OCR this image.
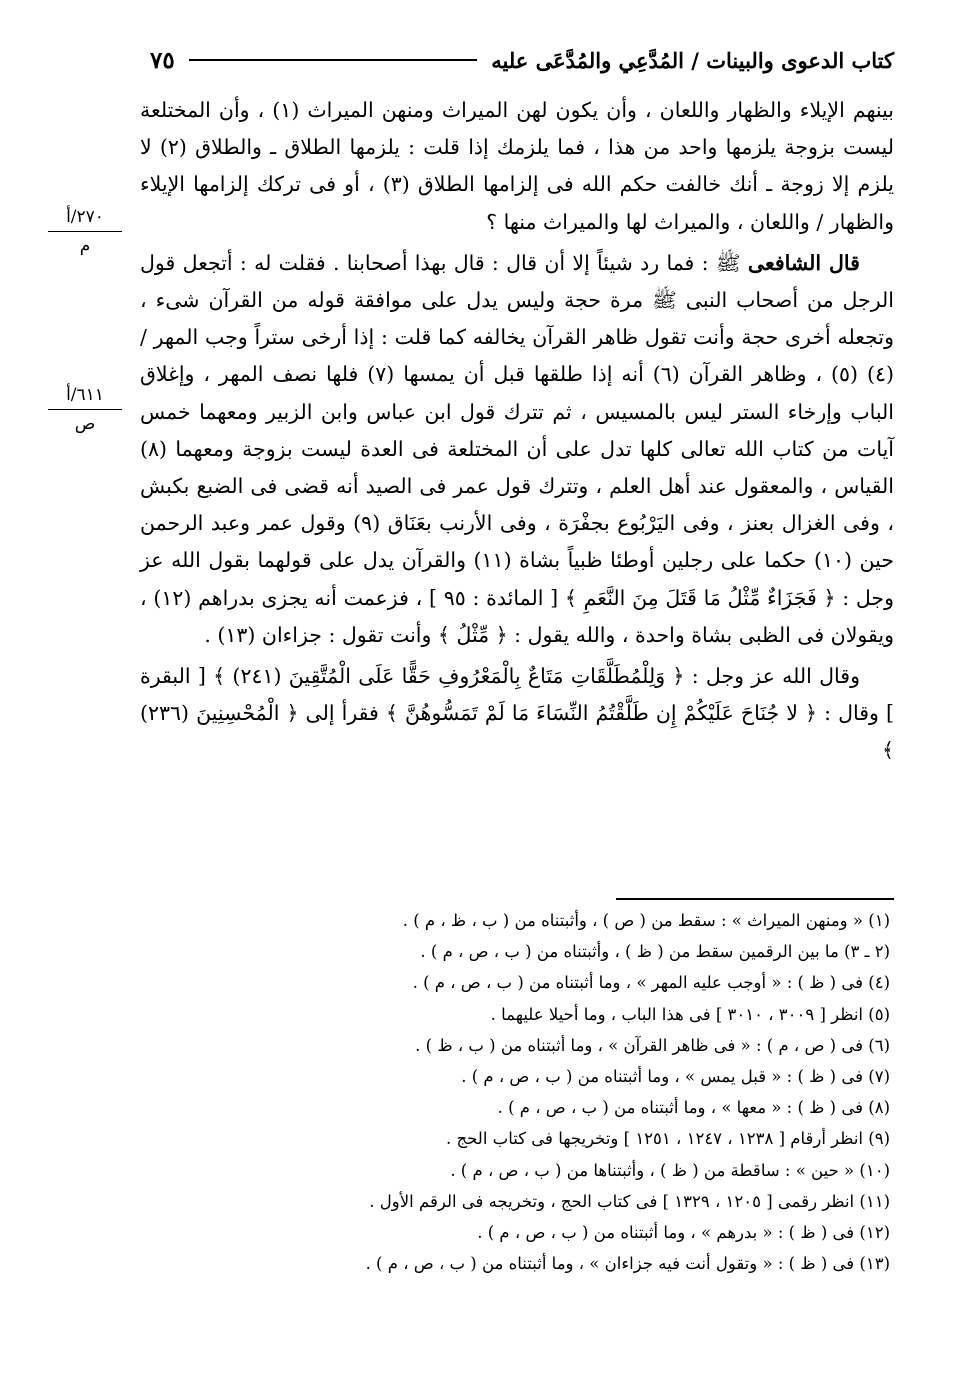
كتاب الدعوى والبينات / المُدَّعِي والمُدَّعَى عليه
٧٥
٢٧٠/أ
م
٦١١/أ
ص

بينهم الإيلاء والظهار واللعان ، وأن يكون لهن الميراث ومنهن الميراث (١) ، وأن المختلعة ليست بزوجة يلزمها واحد من هذا ، فما يلزمك إذا قلت : يلزمها الطلاق ـ والطلاق (٢) لا يلزم إلا زوجة ـ أنك خالفت حكم الله فى إلزامها الطلاق (٣) ، أو فى تركك إلزامها الإيلاء والظهار / واللعان ، والميراث لها والميراث منها ؟

قال الشافعى ﷺ : فما رد شيئاً إلا أن قال : قال بهذا أصحابنا . فقلت له : أتجعل قول الرجل من أصحاب النبى ﷺ مرة حجة وليس يدل على موافقة قوله من القرآن شىء ، وتجعله أخرى حجة وأنت تقول ظاهر القرآن يخالفه كما قلت : إذا أرخى ستراً وجب المهر / (٤) (٥) ، وظاهر القرآن (٦) أنه إذا طلقها قبل أن يمسها (٧) فلها نصف المهر ، وإغلاق الباب وإرخاء الستر ليس بالمسيس ، ثم تترك قول ابن عباس وابن الزبير ومعهما خمس آيات من كتاب الله تعالى كلها تدل على أن المختلعة فى العدة ليست بزوجة ومعهما (٨) القياس ، والمعقول عند أهل العلم ، وتترك قول عمر فى الصيد أنه قضى فى الضبع بكبش ، وفى الغزال بعنز ، وفى اليَرْبُوع بجفْرَة ، وفى الأرنب بعَنَاق (٩) وقول عمر وعبد الرحمن حين (١٠) حكما على رجلين أوطئا ظبياً بشاة (١١) والقرآن يدل على قولهما بقول الله عز وجل : ﴿ فَجَزَاءٌ مِّثْلُ مَا قَتَلَ مِنَ النَّعَمِ ﴾ [ المائدة : ٩٥ ] ، فزعمت أنه يجزى بدراهم (١٢) ، ويقولان فى الظبى بشاة واحدة ، والله يقول : ﴿ مِّثْلُ ﴾ وأنت تقول : جزاءان (١٣) .

وقال الله عز وجل : ﴿ وَلِلْمُطَلَّقَاتِ مَتَاعٌ بِالْمَعْرُوفِ حَقًّا عَلَى الْمُتَّقِينَ (٢٤١) ﴾ [ البقرة ] وقال : ﴿ لا جُنَاحَ عَلَيْكُمْ إِن طَلَّقْتُمُ النِّسَاءَ مَا لَمْ تَمَسُّوهُنَّ ﴾ فقرأ إلى ﴿ الْمُحْسِنِينَ (٢٣٦) ﴾

(١) « ومنهن الميراث » : سقط من ( ص ) ، وأثبتناه من ( ب ، ظ ، م ) .
(٢ ـ ٣) ما بين الرقمين سقط من ( ظ ) ، وأثبتناه من ( ب ، ص ، م ) .
(٤) فى ( ظ ) : « أوجب عليه المهر » ، وما أثبتناه من ( ب ، ص ، م ) .
(٥) انظر [ ٣٠٠٩ ، ٣٠١٠ ] فى هذا الباب ، وما أحيلا عليهما .
(٦) فى ( ص ، م ) : « فى ظاهر القرآن » ، وما أثبتناه من ( ب ، ظ ) .
(٧) فى ( ظ ) : « قبل يمس » ، وما أثبتناه من ( ب ، ص ، م ) .
(٨) فى ( ظ ) : « معها » ، وما أثبتناه من ( ب ، ص ، م ) .
(٩) انظر أرقام [ ١٢٣٨ ، ١٢٤٧ ، ١٢٥١ ] وتخريجها فى كتاب الحج .
(١٠) « حين » : ساقطة من ( ظ ) ، وأثبتناها من ( ب ، ص ، م ) .
(١١) انظر رقمى [ ١٢٠٥ ، ١٣٢٩ ] فى كتاب الحج ، وتخريجه فى الرقم الأول .
(١٢) فى ( ظ ) : « بدرهم » ، وما أثبتناه من ( ب ، ص ، م ) .
(١٣) فى ( ظ ) : « وتقول أنت فيه جزاءان » ، وما أثبتناه من ( ب ، ص ، م ) .
